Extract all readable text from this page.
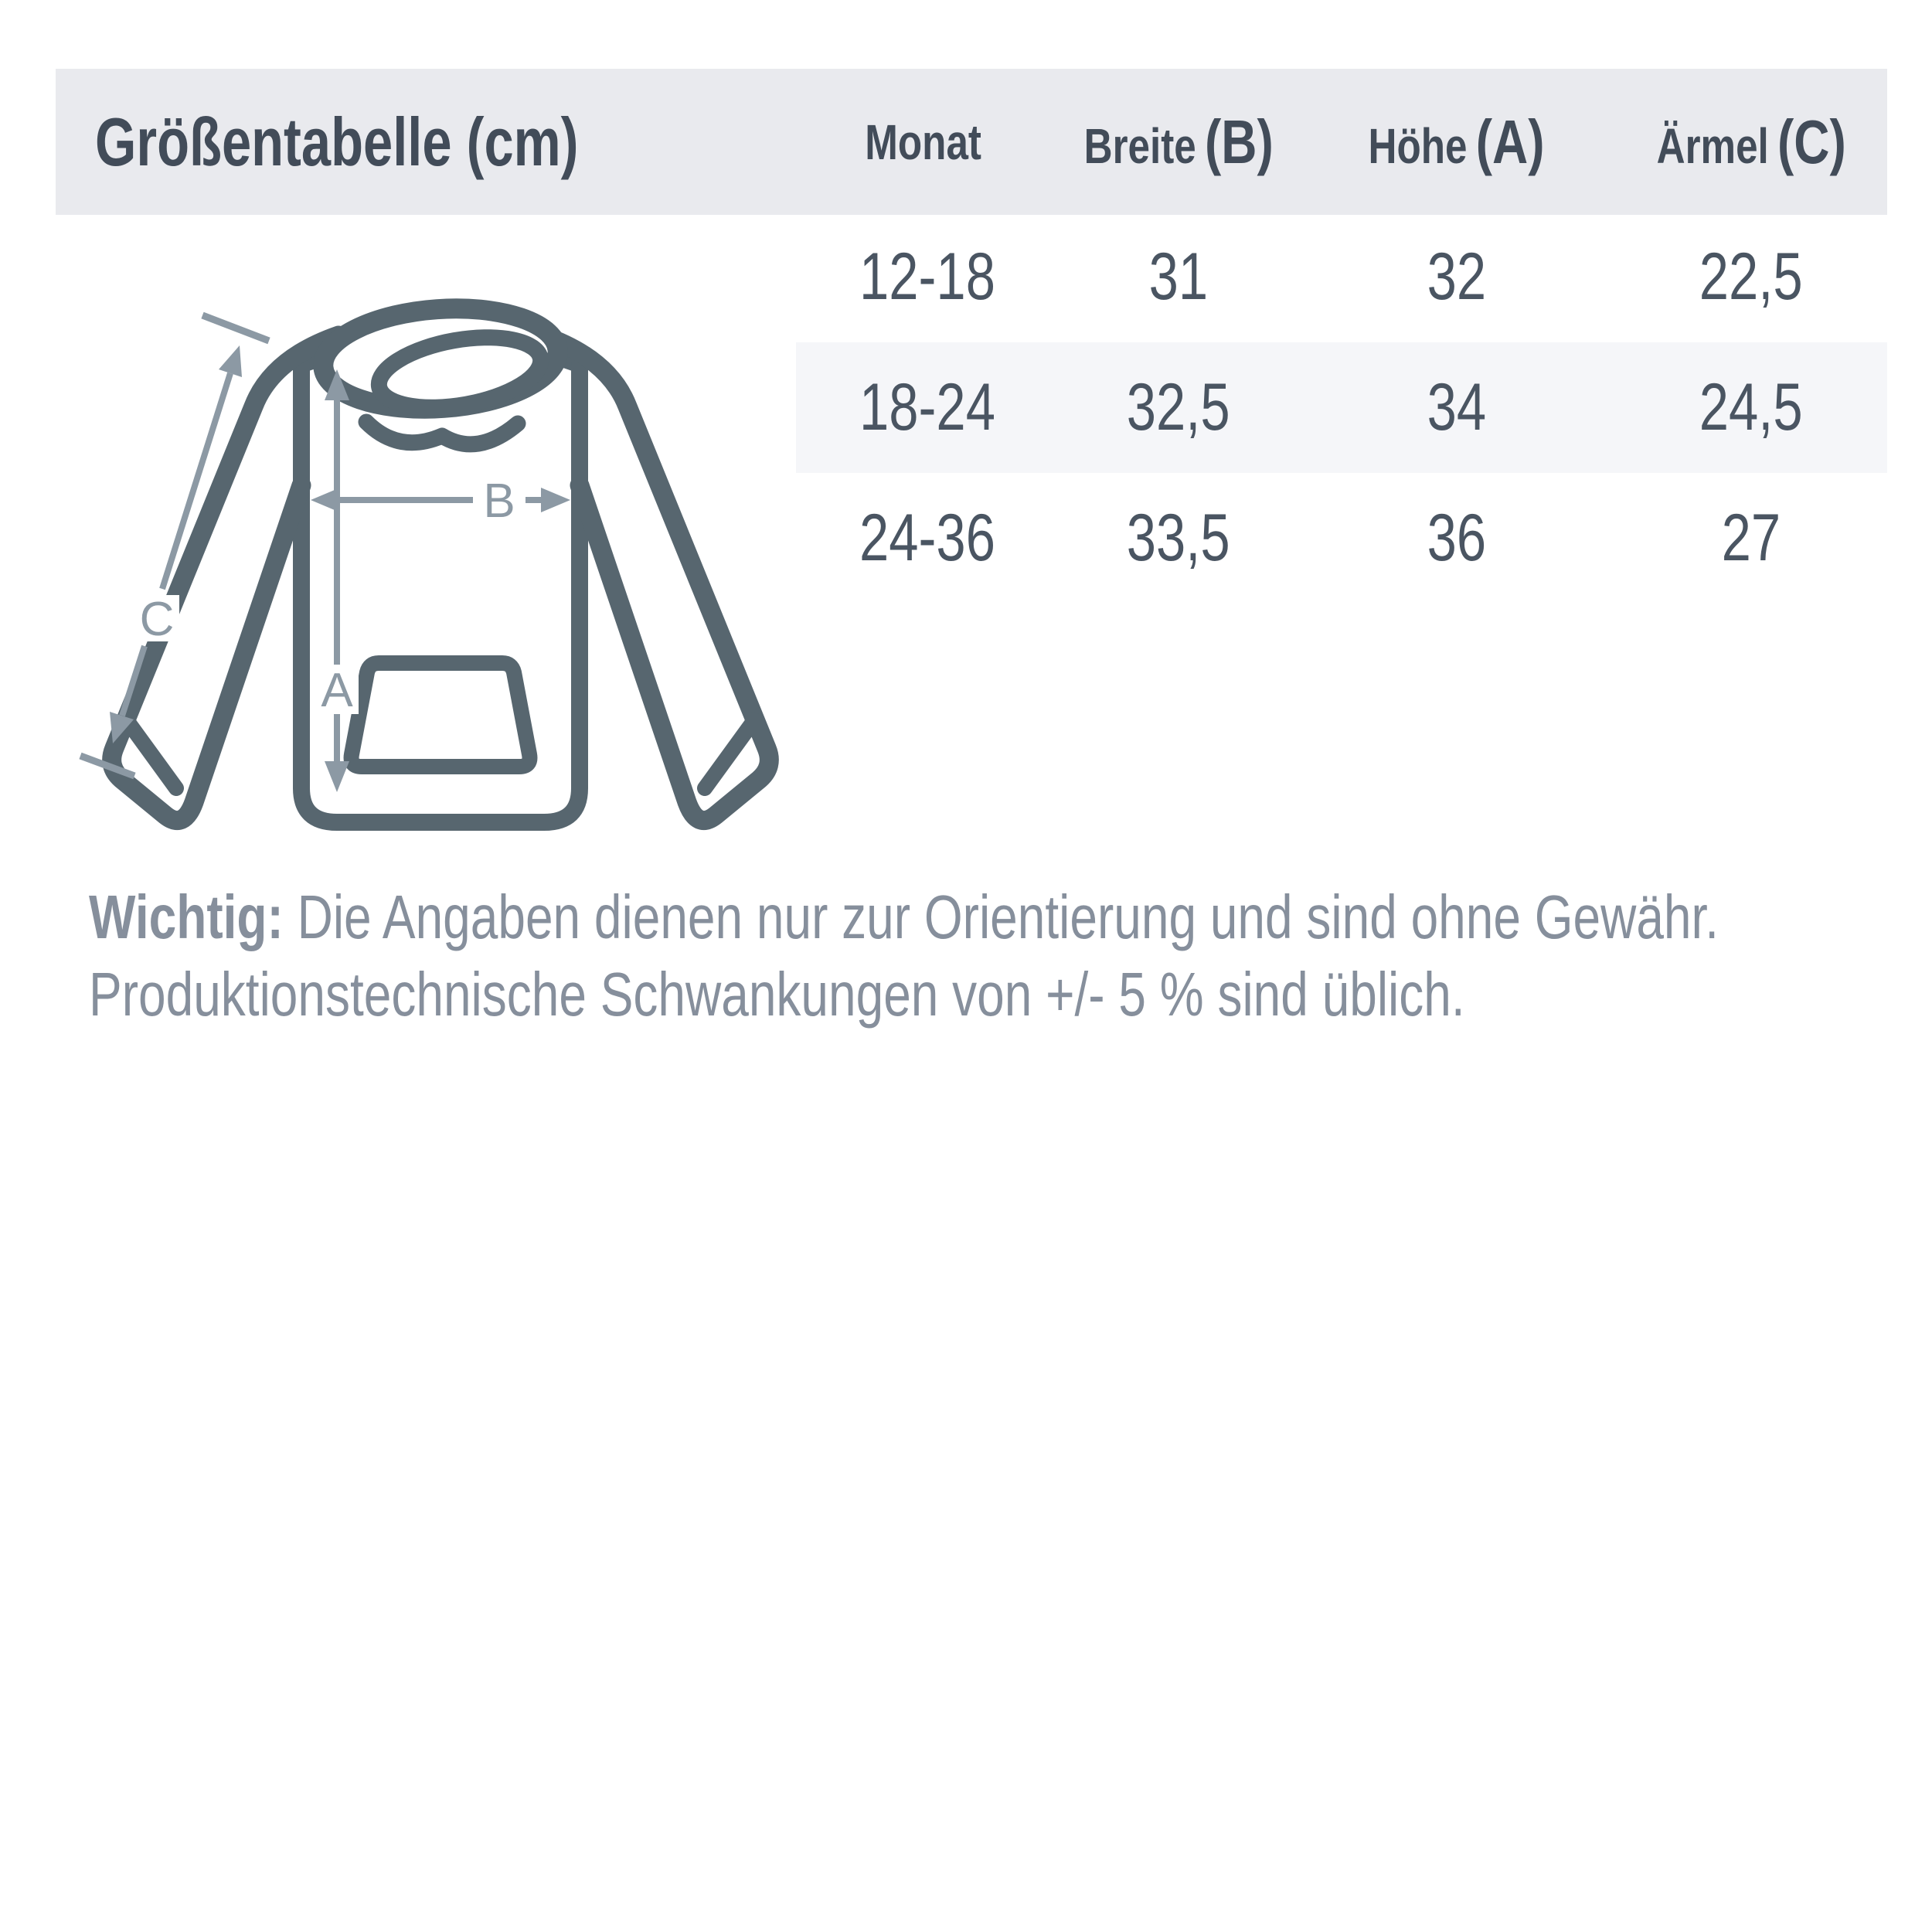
Größentabelle (cm)	Monat Breite (B) Höhe (A) Ärmel (C)
12-18 31	32	22,5
18-24 32,5	34	24,5
24-36 33,5	36	27
A
B
C
Wichtig: Die Angaben dienen nur zur Orientierung und sind ohne Gewähr.
Produktionstechnische Schwankungen von +/- 5 % sind üblich.
